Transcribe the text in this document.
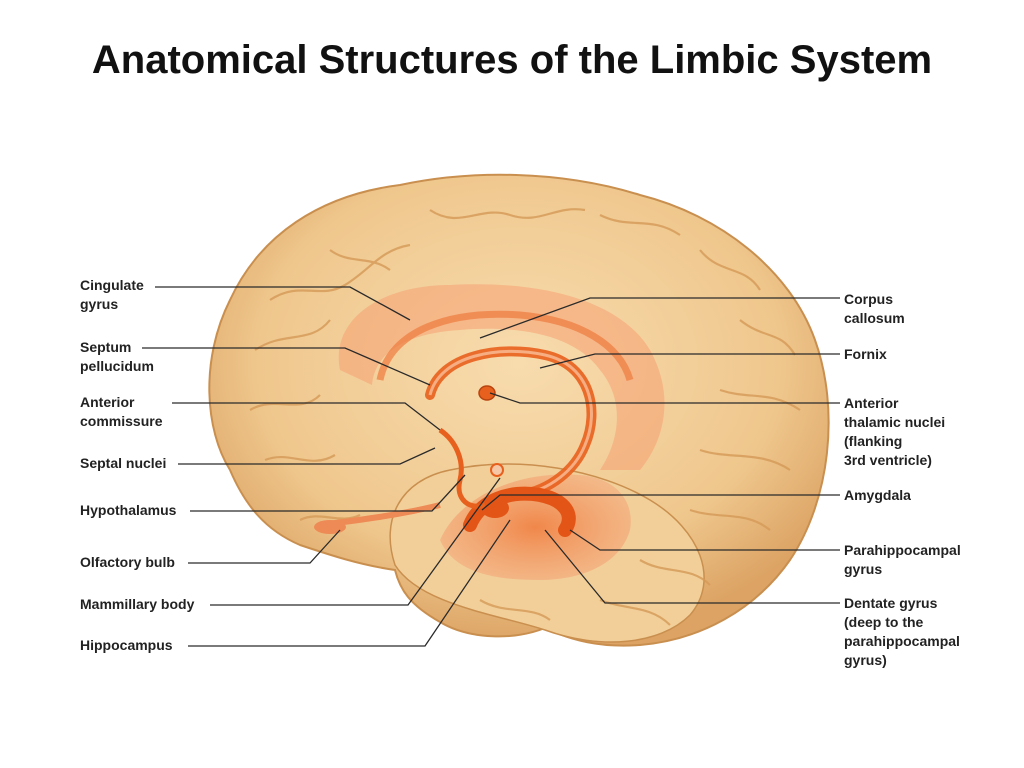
Anatomical Structures of the Limbic System
Cingulate
gyrus
Septum
pellucidum
Anterior
commissure
Septal nuclei
Hypothalamus
Olfactory bulb
Mammillary body
Hippocampus
Corpus
callosum
Fornix
Anterior
thalamic nuclei
(flanking
3rd ventricle)
Amygdala
Parahippocampal
gyrus
Dentate gyrus
(deep to the
parahippocampal
gyrus)
